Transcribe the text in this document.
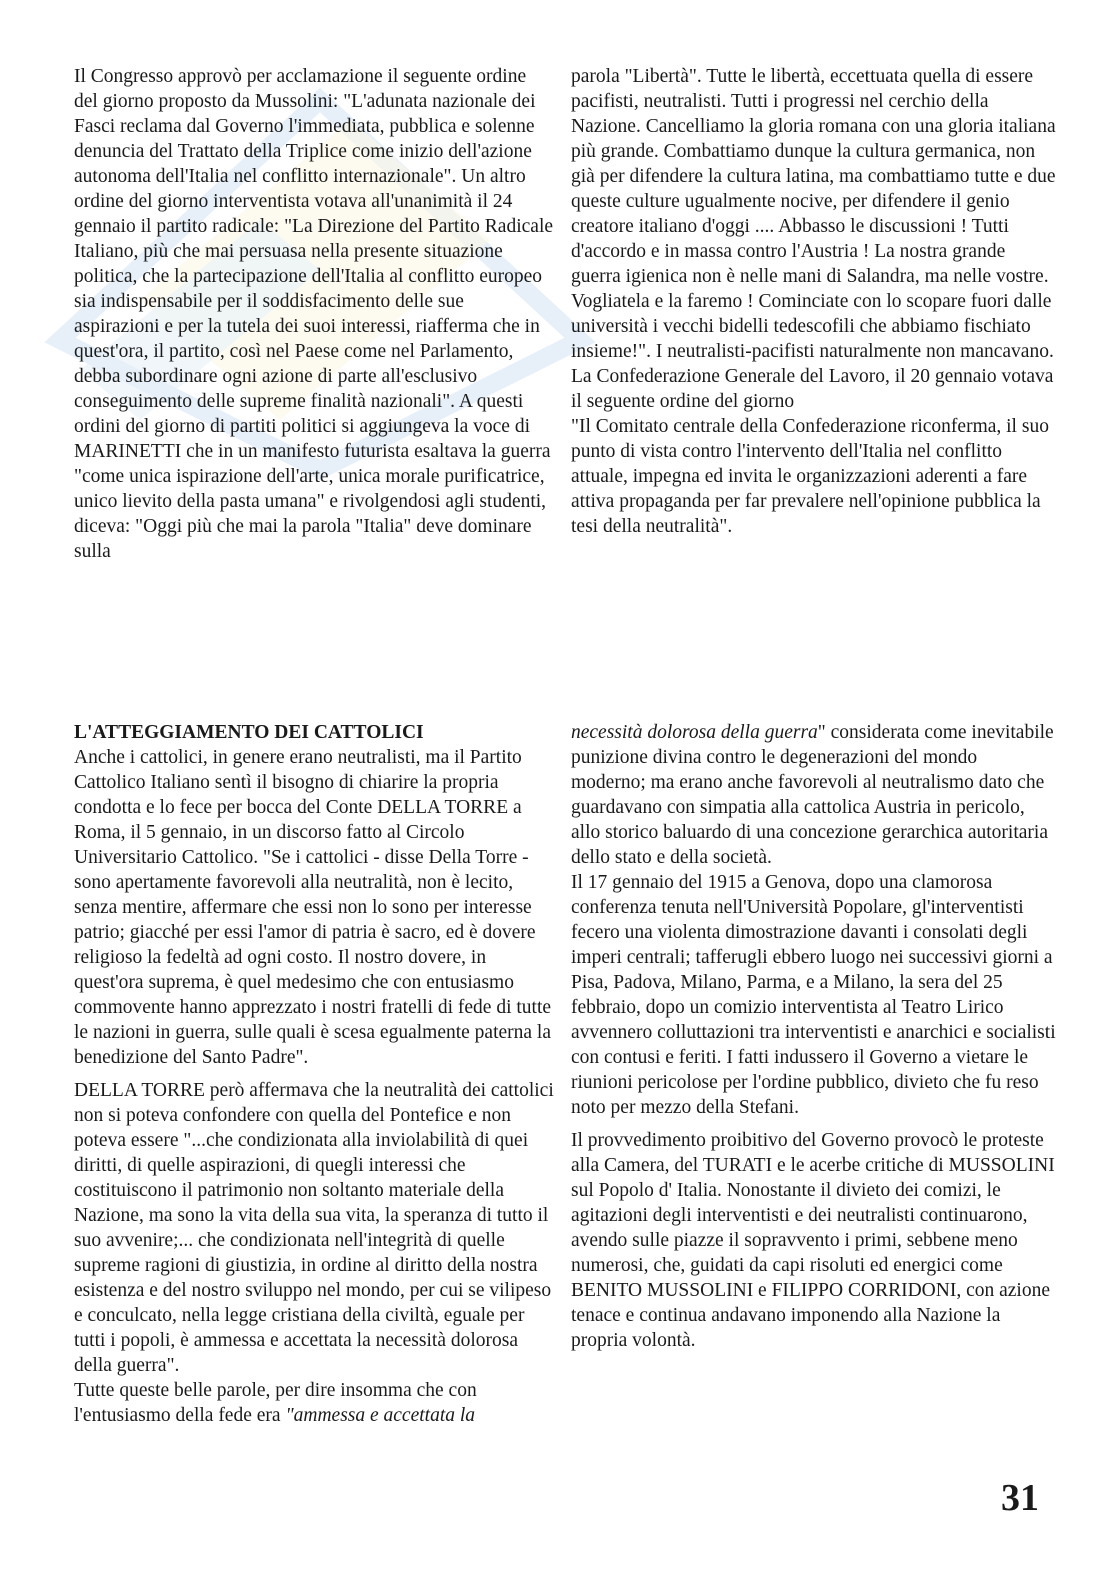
Il Congresso approvò per acclamazione il seguente ordine del giorno proposto da Mussolini: "L'adunata nazionale dei Fasci reclama dal Governo l'immediata, pubblica e solenne denuncia del Trattato della Triplice come inizio dell'azione autonoma dell'Italia nel conflitto internazionale". Un altro ordine del giorno interventista votava all'unanimità il 24 gennaio il partito radicale: "La Direzione del Partito Radicale Italiano, più che mai persuasa nella presente situazione politica, che la partecipazione dell'Italia al conflitto europeo sia indispensabile per il soddisfacimento delle sue aspirazioni e per la tutela dei suoi interessi, riafferma che in quest'ora, il partito, così nel Paese come nel Parlamento, debba subordinare ogni azione di parte all'esclusivo conseguimento delle supreme finalità nazionali". A questi ordini del giorno di partiti politici si aggiungeva la voce di MARINETTI che in un manifesto futurista esaltava la guerra "come unica ispirazione dell'arte, unica morale purificatrice, unico lievito della pasta umana" e rivolgendosi agli studenti, diceva: "Oggi più che mai la parola "Italia" deve dominare sulla

parola "Libertà". Tutte le libertà, eccettuata quella di essere pacifisti, neutralisti. Tutti i progressi nel cerchio della Nazione. Cancelliamo la gloria romana con una gloria italiana più grande. Combattiamo dunque la cultura germanica, non già per difendere la cultura latina, ma combattiamo tutte e due queste culture ugualmente nocive, per difendere il genio creatore italiano d'oggi .... Abbasso le discussioni ! Tutti d'accordo e in massa contro l'Austria ! La nostra grande guerra igienica non è nelle mani di Salandra, ma nelle vostre. Vogliatela e la faremo ! Cominciate con lo scopare fuori dalle università i vecchi bidelli tedescofili che abbiamo fischiato insieme!". I neutralisti-pacifisti naturalmente non mancavano. La Confederazione Generale del Lavoro, il 20 gennaio votava il seguente ordine del giorno

"Il Comitato centrale della Confederazione riconferma, il suo punto di vista contro l'intervento dell'Italia nel conflitto attuale, impegna ed invita le organizzazioni aderenti a fare attiva propaganda per far prevalere nell'opinione pubblica la tesi della neutralità".

L'ATTEGGIAMENTO DEI CATTOLICI

Anche i cattolici, in genere erano neutralisti, ma il Partito Cattolico Italiano sentì il bisogno di chiarire la propria condotta e lo fece per bocca del Conte DELLA TORRE a Roma, il 5 gennaio, in un discorso fatto al Circolo Universitario Cattolico. "Se i cattolici - disse Della Torre - sono apertamente favorevoli alla neutralità, non è lecito, senza mentire, affermare che essi non lo sono per interesse patrio; giacché per essi l'amor di patria è sacro, ed è dovere religioso la fedeltà ad ogni costo. Il nostro dovere, in quest'ora suprema, è quel medesimo che con entusiasmo commovente hanno apprezzato i nostri fratelli di fede di tutte le nazioni in guerra, sulle quali è scesa egualmente paterna la benedizione del Santo Padre".

DELLA TORRE però affermava che la neutralità dei cattolici non si poteva confondere con quella del Pontefice e non poteva essere "...che condizionata alla inviolabilità di quei diritti, di quelle aspirazioni, di quegli interessi che costituiscono il patrimonio non soltanto materiale della Nazione, ma sono la vita della sua vita, la speranza di tutto il suo avvenire;... che condizionata nell'integrità di quelle supreme ragioni di giustizia, in ordine al diritto della nostra esistenza e del nostro sviluppo nel mondo, per cui se vilipeso e conculcato, nella legge cristiana della civiltà, eguale per tutti i popoli, è ammessa e accettata la necessità dolorosa della guerra".

Tutte queste belle parole, per dire insomma che con l'entusiasmo della fede era "ammessa e accettata la

necessità dolorosa della guerra" considerata come inevitabile punizione divina contro le degenerazioni del mondo moderno; ma erano anche favorevoli al neutralismo dato che guardavano con simpatia alla cattolica Austria in pericolo, allo storico baluardo di una concezione gerarchica autoritaria dello stato e della società.

Il 17 gennaio del 1915 a Genova, dopo una clamorosa conferenza tenuta nell'Università Popolare, gl'interventisti fecero una violenta dimostrazione davanti i consolati degli imperi centrali; tafferugli ebbero luogo nei successivi giorni a Pisa, Padova, Milano, Parma, e a Milano, la sera del 25 febbraio, dopo un comizio interventista al Teatro Lirico avvennero colluttazioni tra interventisti e anarchici e socialisti con contusi e feriti. I fatti indussero il Governo a vietare le riunioni pericolose per l'ordine pubblico, divieto che fu reso noto per mezzo della Stefani.

Il provvedimento proibitivo del Governo provocò le proteste alla Camera, del TURATI e le acerbe critiche di MUSSOLINI sul Popolo d' Italia. Nonostante il divieto dei comizi, le agitazioni degli interventisti e dei neutralisti continuarono, avendo sulle piazze il sopravvento i primi, sebbene meno numerosi, che, guidati da capi risoluti ed energici come BENITO MUSSOLINI e FILIPPO CORRIDONI, con azione tenace e continua andavano imponendo alla Nazione la propria volontà.

31
